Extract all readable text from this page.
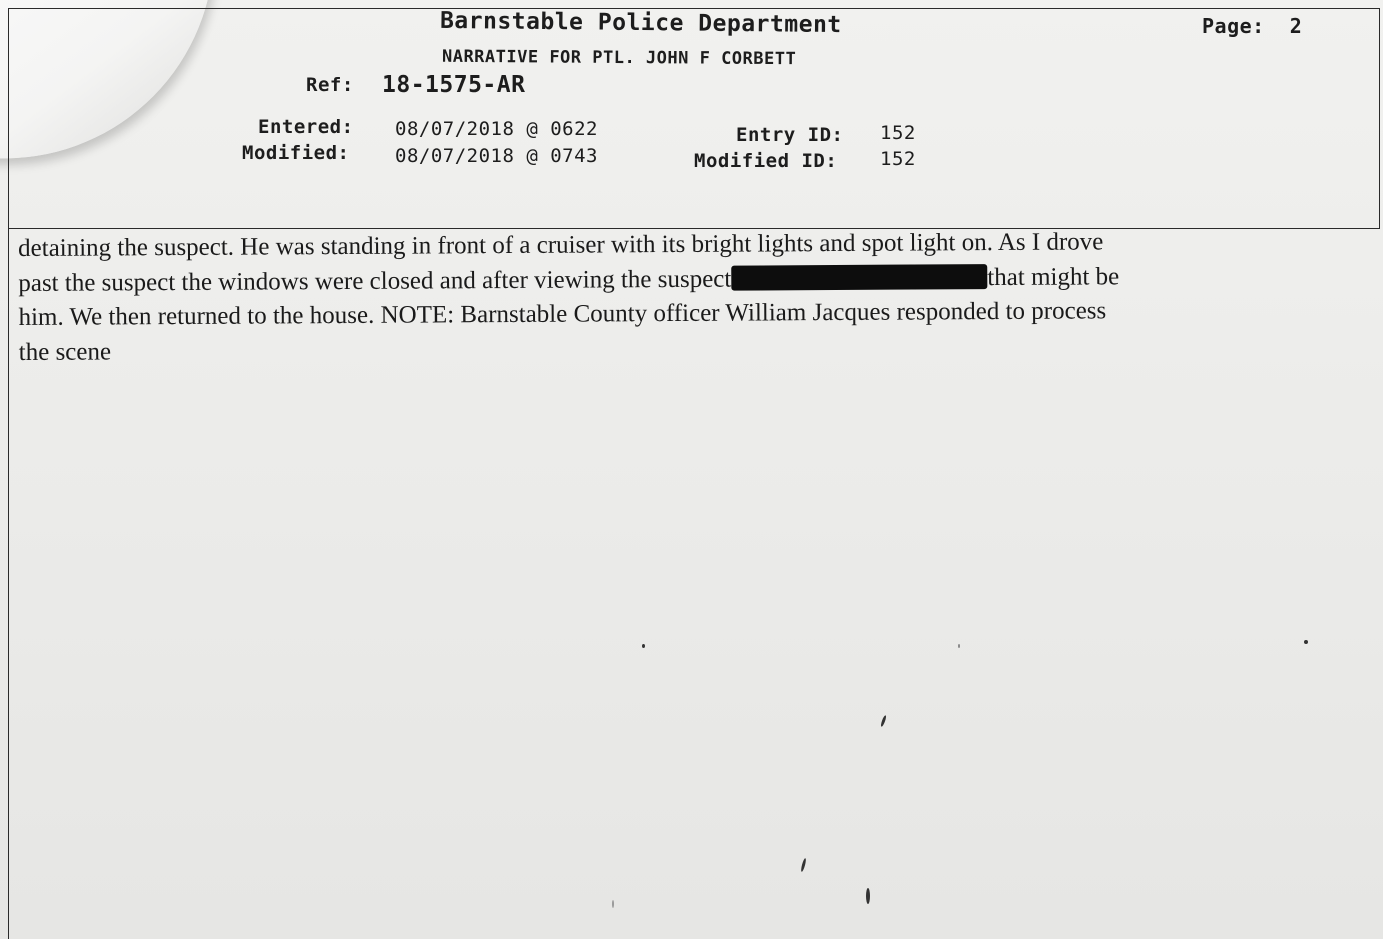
Barnstable Police Department	Page:  2
NARRATIVE FOR PTL. JOHN F CORBETT
Ref: 18-1575-AR
Entered: 08/07/2018 @ 0622
Modified: 08/07/2018 @ 0743
Entry ID: 152
Modified ID: 152
detaining the suspect. He was standing in front of a cruiser with its bright lights and spot light on. As I drove
past the suspect the windows were closed and after viewing the suspect	that might be
him. We then returned to the house. NOTE: Barnstable County officer William Jacques responded to process
the scene
